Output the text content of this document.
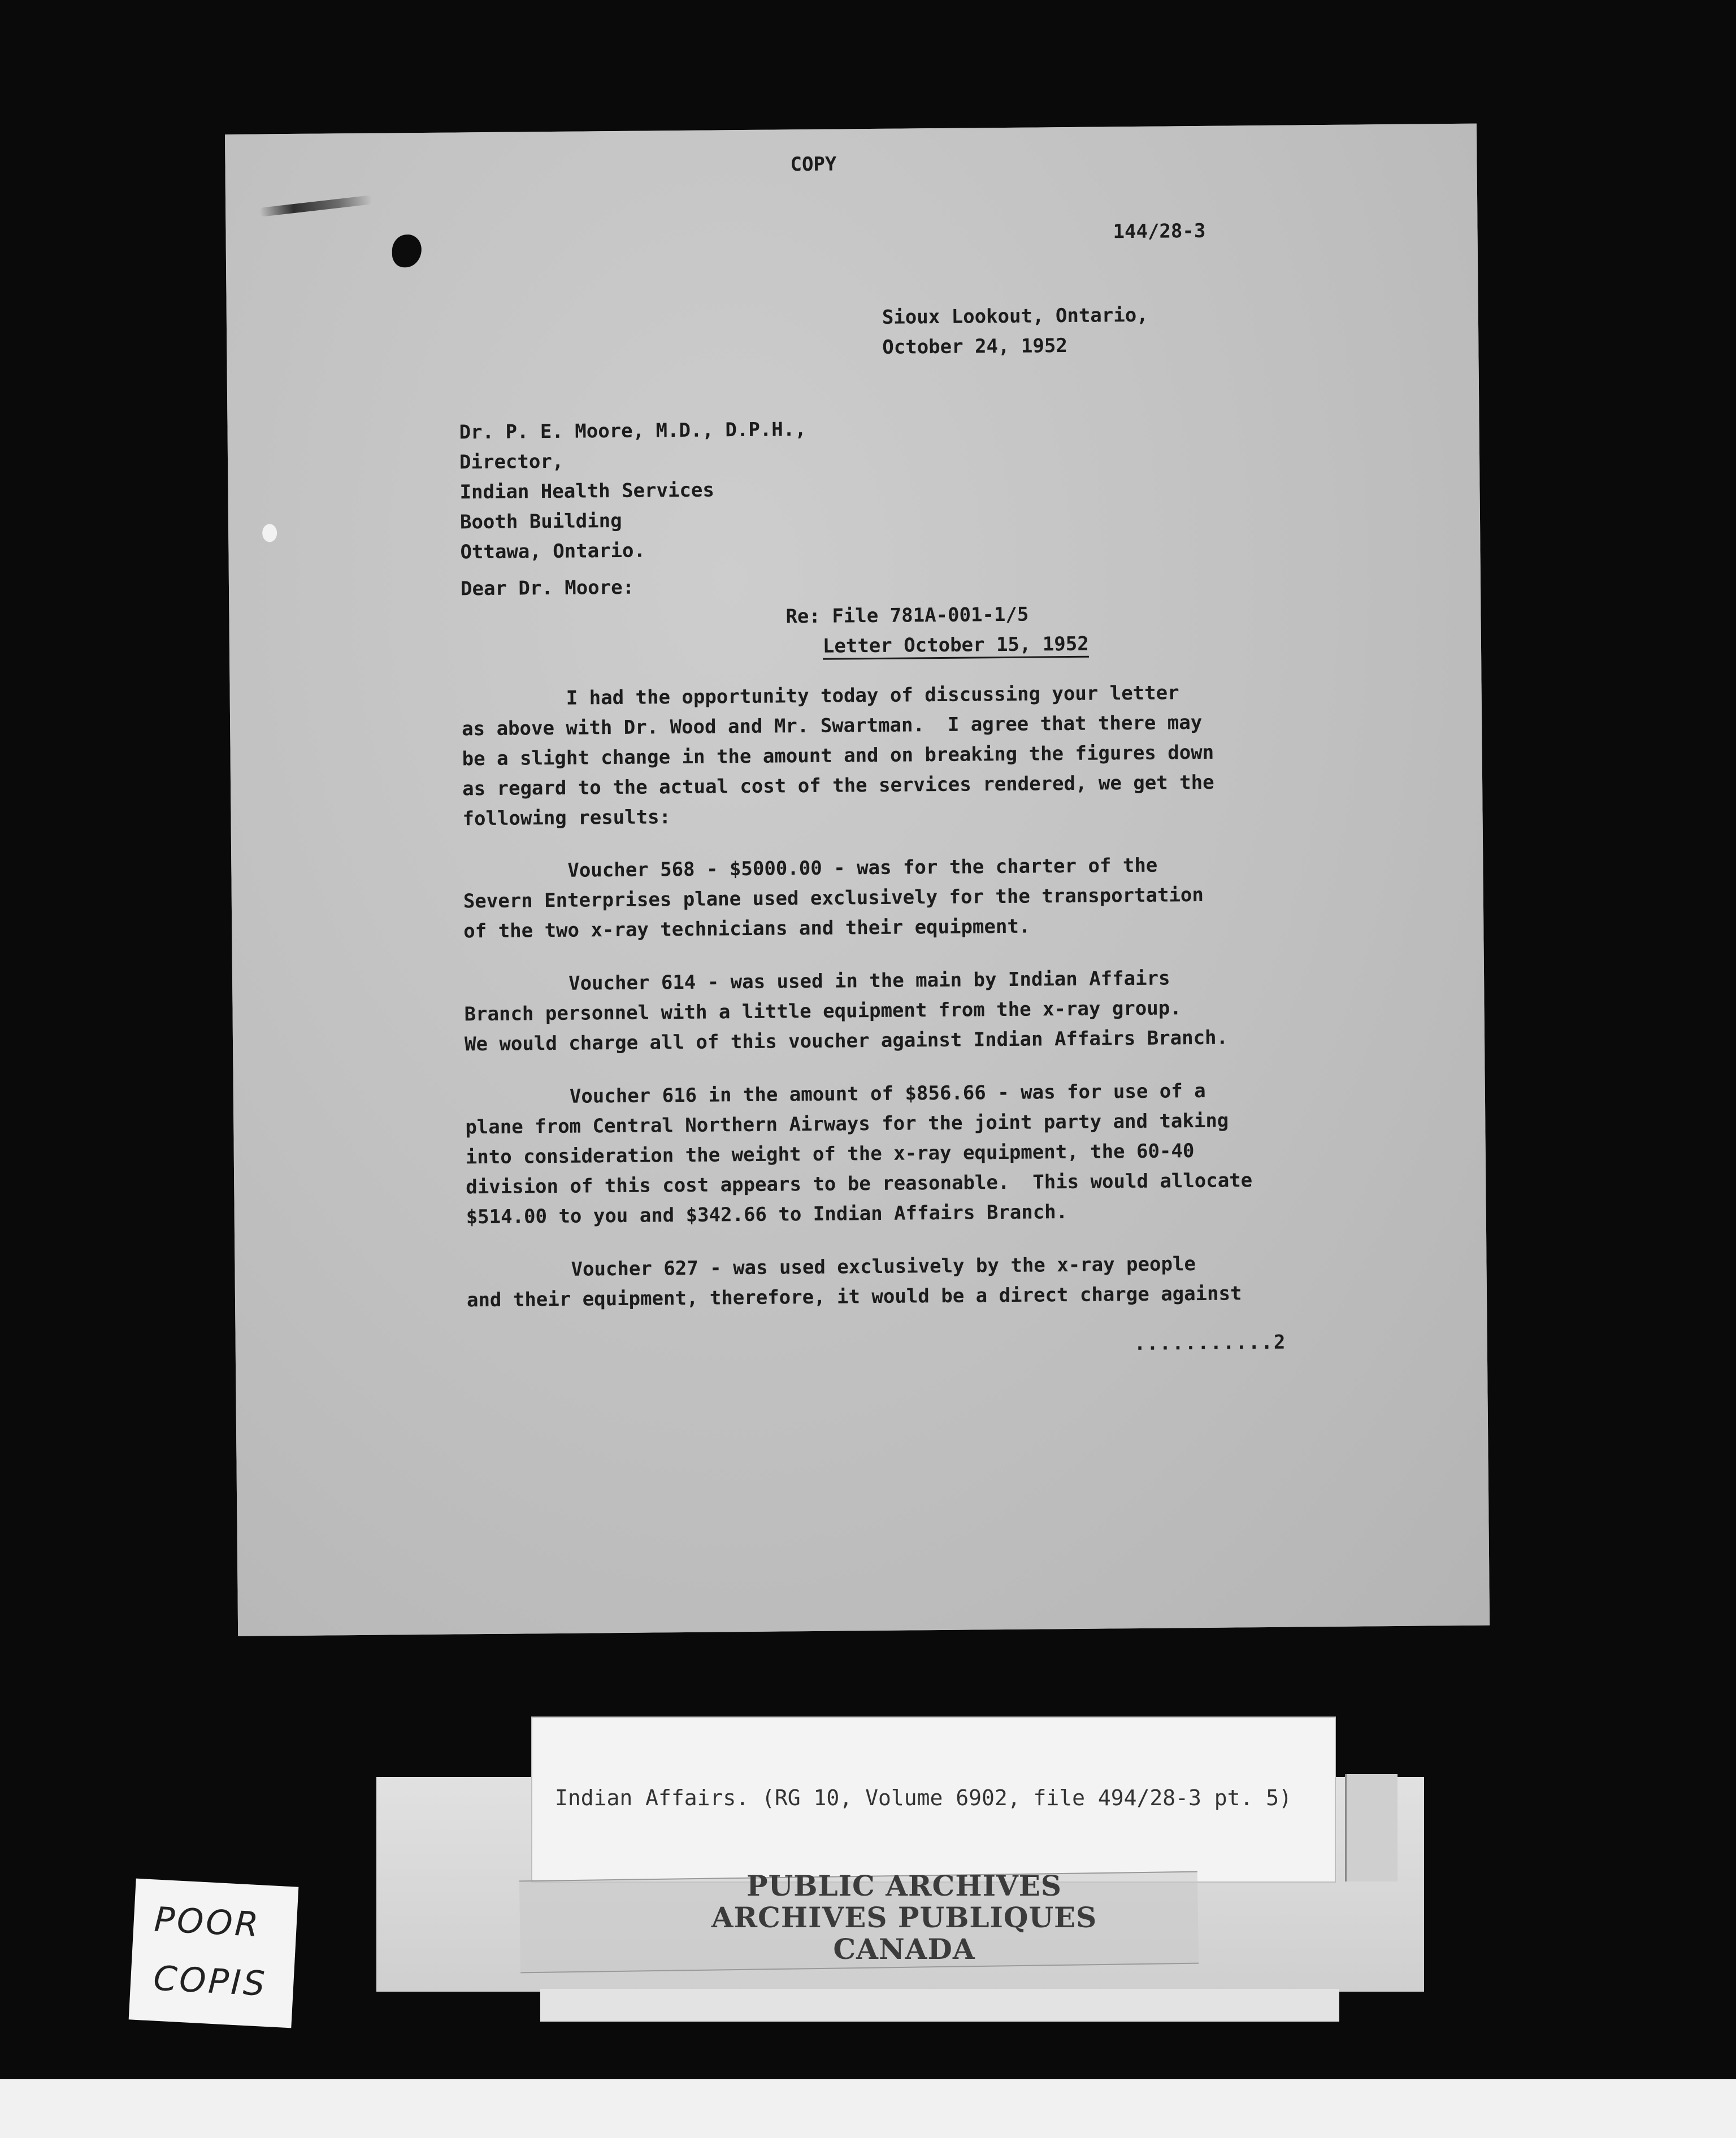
COPY
144/28-3
Sioux Lookout, Ontario,
October 24, 1952
Dr. P. E. Moore, M.D., D.P.H.,
Director,
Indian Health Services
Booth Building
Ottawa, Ontario.
Dear Dr. Moore:
Re: File 781A-001-1/5
Letter October 15, 1952
I had the opportunity today of discussing your letter
as above with Dr. Wood and Mr. Swartman.  I agree that there may
be a slight change in the amount and on breaking the figures down
as regard to the actual cost of the services rendered, we get the
following results:
Voucher 568 - $5000.00 - was for the charter of the
Severn Enterprises plane used exclusively for the transportation
of the two x-ray technicians and their equipment.
Voucher 614 - was used in the main by Indian Affairs
Branch personnel with a little equipment from the x-ray group.
We would charge all of this voucher against Indian Affairs Branch.
Voucher 616 in the amount of $856.66 - was for use of a
plane from Central Northern Airways for the joint party and taking
into consideration the weight of the x-ray equipment, the 60-40
division of this cost appears to be reasonable.  This would allocate
$514.00 to you and $342.66 to Indian Affairs Branch.
Voucher 627 - was used exclusively by the x-ray people
and their equipment, therefore, it would be a direct charge against
...........2
Indian Affairs. (RG 10, Volume 6902, file 494/28-3 pt. 5)
PUBLIC ARCHIVES
ARCHIVES PUBLIQUES
CANADA
POOR
COPIS
